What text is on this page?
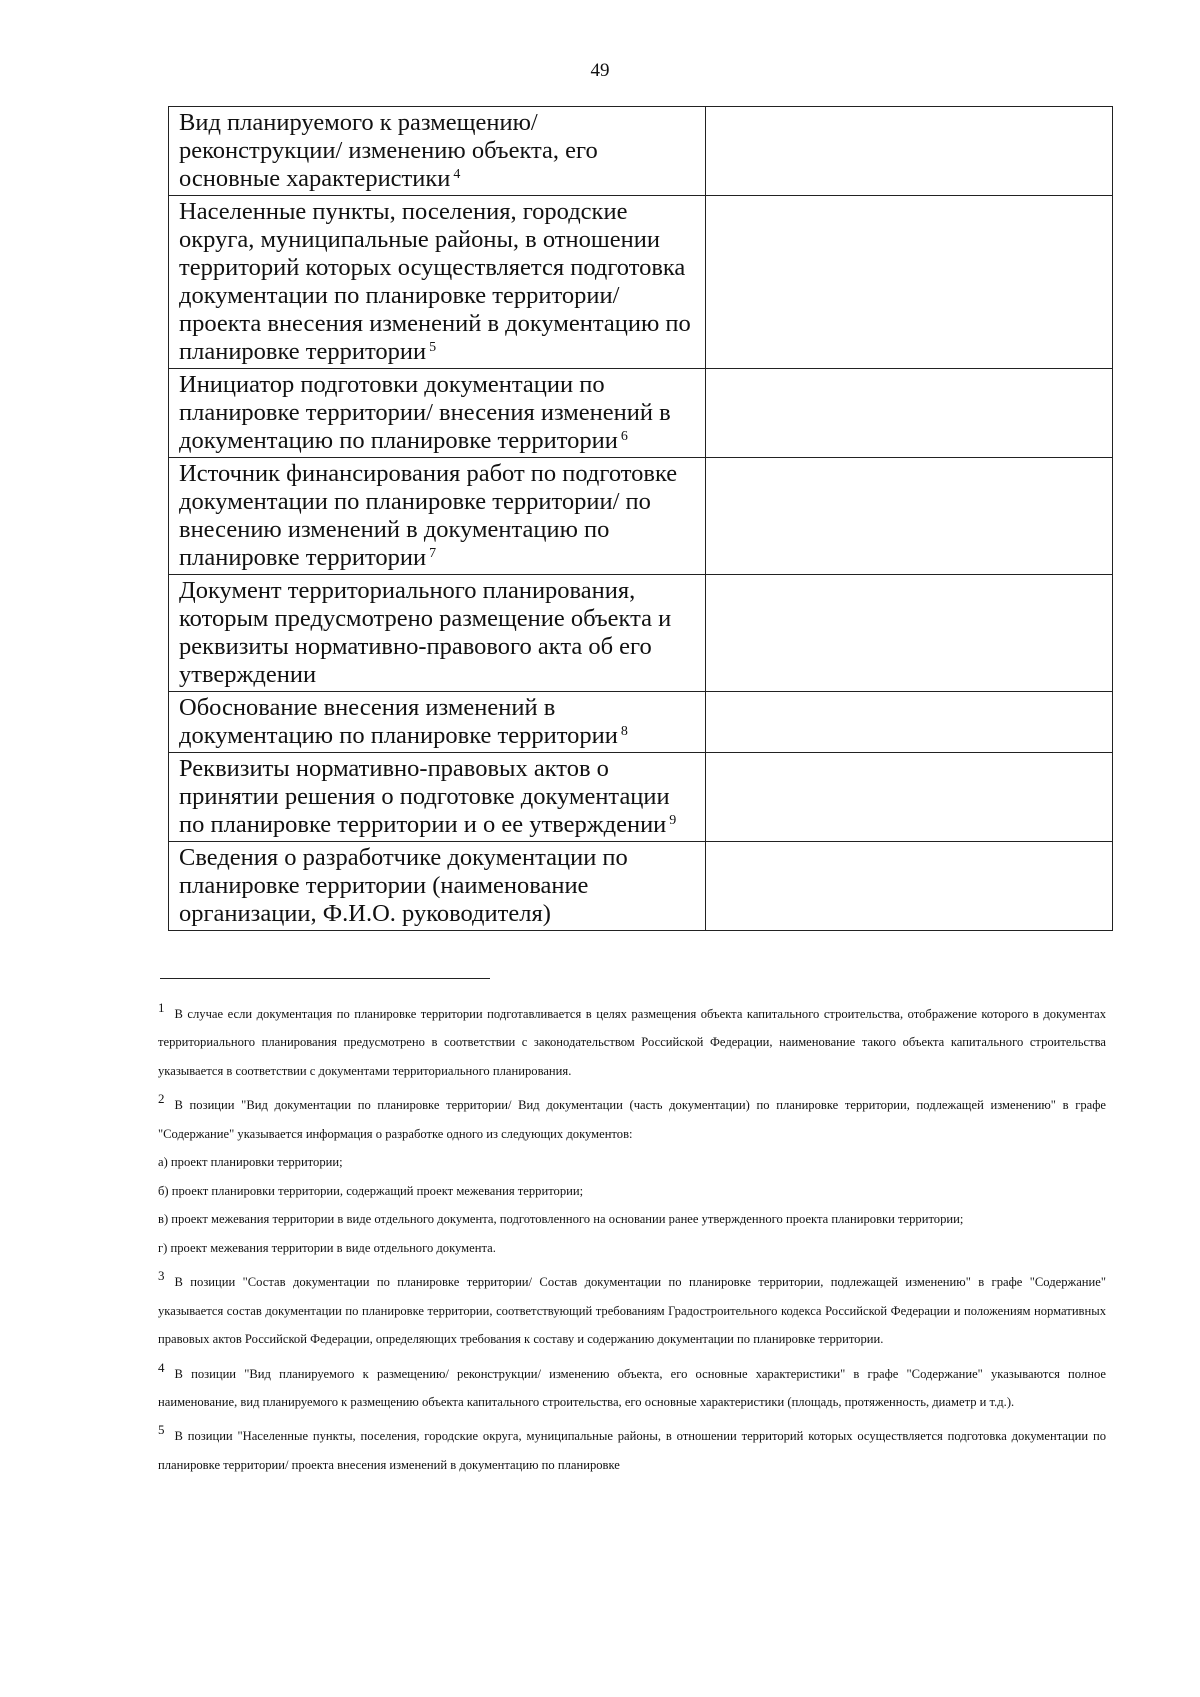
49
Вид планируемого к размещению/ реконструкции/ изменению объекта, его основные характеристики $^4$	
Населенные пункты, поселения, городские округа, муниципальные районы, в отношении территорий которых осуществляется подготовка документации по планировке территории/ проекта внесения изменений в документацию по планировке территории $^5$	
Инициатор подготовки документации по планировке территории/ внесения изменений в документацию по планировке территории $^6$	
Источник финансирования работ по подготовке документации по планировке территории/ по внесению изменений в документацию по планировке территории $^7$	
Документ территориального планирования, которым предусмотрено размещение объекта и реквизиты нормативно-правового акта об его утверждении	
Обоснование внесения изменений в документацию по планировке территории $^8$	
Реквизиты нормативно-правовых актов о принятии решения о подготовке документации по планировке территории и о ее утверждении $^9$	
Сведения о разработчике документации по планировке территории (наименование организации, Ф.И.О. руководителя)	

1 В случае если документация по планировке территории подготавливается в целях размещения объекта капитального строительства, отображение которого в документах территориального планирования предусмотрено в соответствии с законодательством Российской Федерации, наименование такого объекта капитального строительства указывается в соответствии с документами территориального планирования.

2 В позиции "Вид документации по планировке территории/ Вид документации (часть документации) по планировке территории, подлежащей изменению" в графе "Содержание" указывается информация о разработке одного из следующих документов:

а) проект планировки территории;

б) проект планировки территории, содержащий проект межевания территории;

в) проект межевания территории в виде отдельного документа, подготовленного на основании ранее утвержденного проекта планировки территории;

г) проект межевания территории в виде отдельного документа.

3 В позиции "Состав документации по планировке территории/ Состав документации по планировке территории, подлежащей изменению" в графе "Содержание" указывается состав документации по планировке территории, соответствующий требованиям Градостроительного кодекса Российской Федерации и положениям нормативных правовых актов Российской Федерации, определяющих требования к составу и содержанию документации по планировке территории.

4 В позиции "Вид планируемого к размещению/ реконструкции/ изменению объекта, его основные характеристики" в графе "Содержание" указываются полное наименование, вид планируемого к размещению объекта капитального строительства, его основные характеристики (площадь, протяженность, диаметр и т.д.).

5 В позиции "Населенные пункты, поселения, городские округа, муниципальные районы, в отношении территорий которых осуществляется подготовка документации по планировке территории/ проекта внесения изменений в документацию по планировке
